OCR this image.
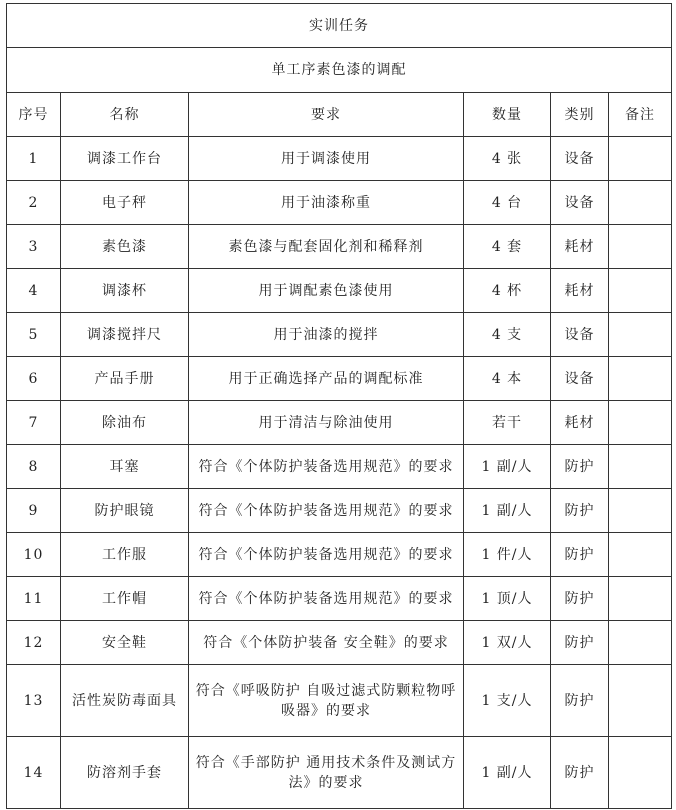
实训任务					
单工序素色漆的调配					
序号	名称	要求	数量	类别	备注
1	调漆工作台	用于调漆使用	4 张	设备	
2	电子秤	用于油漆称重	4 台	设备	
3	素色漆	素色漆与配套固化剂和稀释剂	4 套	耗材	
4	调漆杯	用于调配素色漆使用	4 杯	耗材	
5	调漆搅拌尺	用于油漆的搅拌	4 支	设备	
6	产品手册	用于正确选择产品的调配标准	4 本	设备	
7	除油布	用于清洁与除油使用	若干	耗材	
8	耳塞	符合《个体防护装备选用规范》的要求	1 副/人	防护	
9	防护眼镜	符合《个体防护装备选用规范》的要求	1 副/人	防护	
10	工作服	符合《个体防护装备选用规范》的要求	1 件/人	防护	
11	工作帽	符合《个体防护装备选用规范》的要求	1 顶/人	防护	
12	安全鞋	符合《个体防护装备 安全鞋》的要求	1 双/人	防护	
13	活性炭防毒面具	符合《呼吸防护 自吸过滤式防颗粒物呼吸器》的要求	1 支/人	防护	
14	防溶剂手套	符合《手部防护 通用技术条件及测试方法》的要求	1 副/人	防护	
